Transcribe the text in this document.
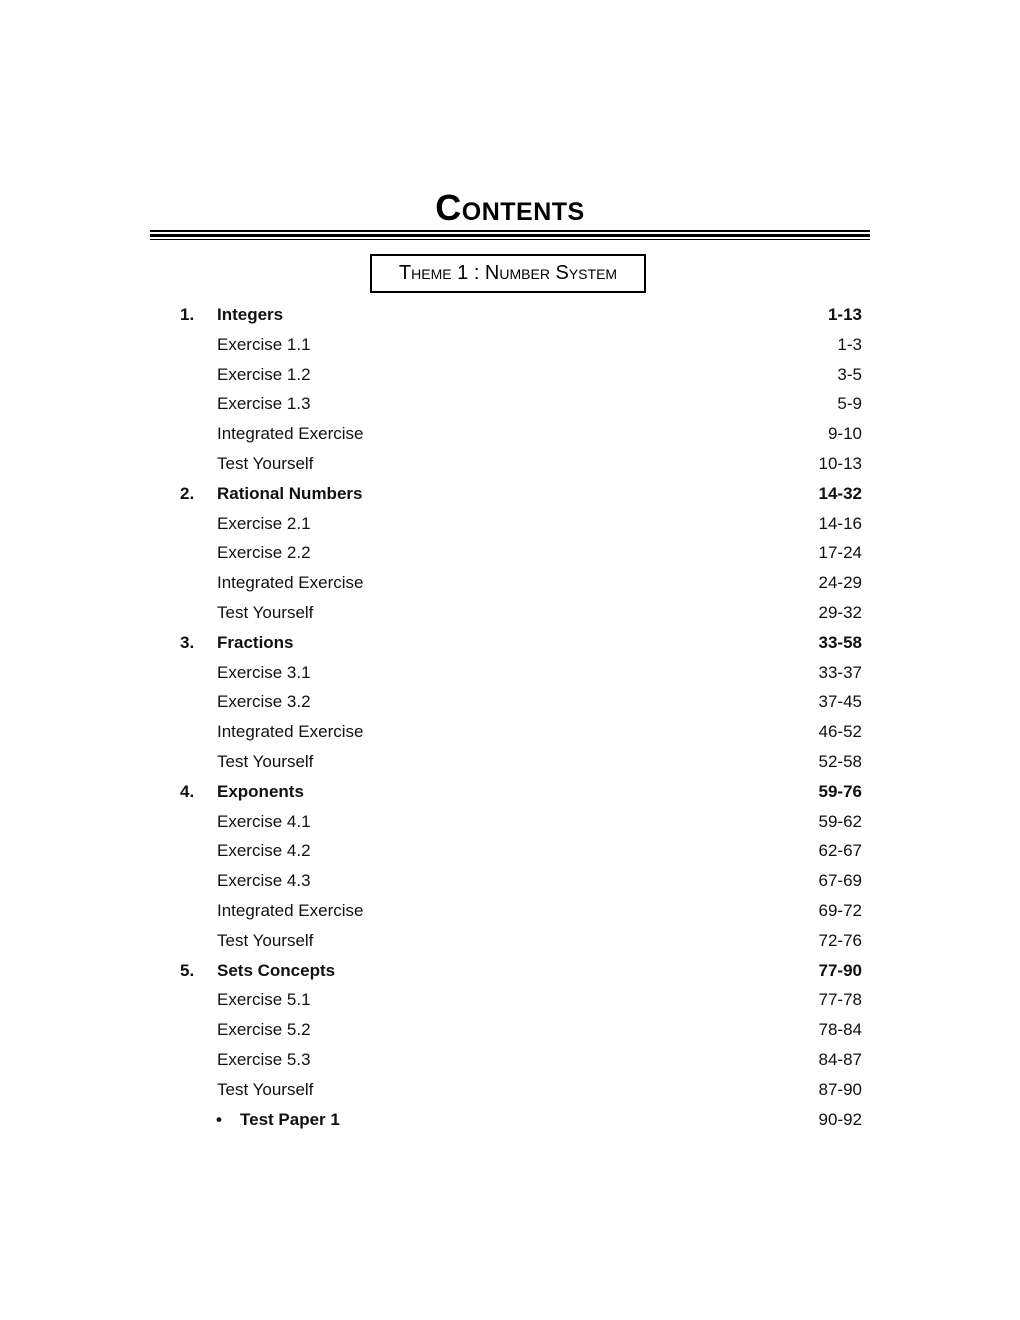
Contents
Theme 1 : Number System
1.	Integers	1-13
Exercise 1.1	1-3
Exercise 1.2	3-5
Exercise 1.3	5-9
Integrated Exercise	9-10
Test Yourself	10-13
2.	Rational Numbers	14-32
Exercise 2.1	14-16
Exercise 2.2	17-24
Integrated Exercise	24-29
Test Yourself	29-32
3.	Fractions	33-58
Exercise 3.1	33-37
Exercise 3.2	37-45
Integrated Exercise	46-52
Test Yourself	52-58
4.	Exponents	59-76
Exercise 4.1	59-62
Exercise 4.2	62-67
Exercise 4.3	67-69
Integrated Exercise	69-72
Test Yourself	72-76
5.	Sets Concepts	77-90
Exercise 5.1	77-78
Exercise 5.2	78-84
Exercise 5.3	84-87
Test Yourself	87-90
• Test Paper 1	90-92
